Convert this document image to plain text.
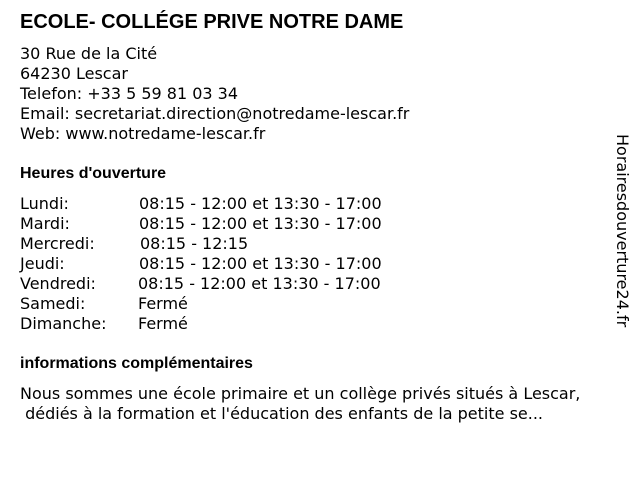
ECOLE- COLLÉGE PRIVE NOTRE DAME
30 Rue de la Cité
64230 Lescar
Telefon: +33 5 59 81 03 34
Email: secretariat.direction@notredame-lescar.fr
Web: www.notredame-lescar.fr
Heures d'ouverture
Lundi:	08:15 - 12:00 et 13:30 - 17:00
Mardi:	08:15 - 12:00 et 13:30 - 17:00
Mercredi:	08:15 - 12:15
Jeudi:	08:15 - 12:00 et 13:30 - 17:00
Vendredi:	08:15 - 12:00 et 13:30 - 17:00
Samedi:	Fermé
Dimanche: Fermé
informations complémentaires
Nous sommes une école primaire et un collège privés situés à Lescar,
dédiés à la formation et l'éducation des enfants de la petite se...
Horairesdouverture24.fr
